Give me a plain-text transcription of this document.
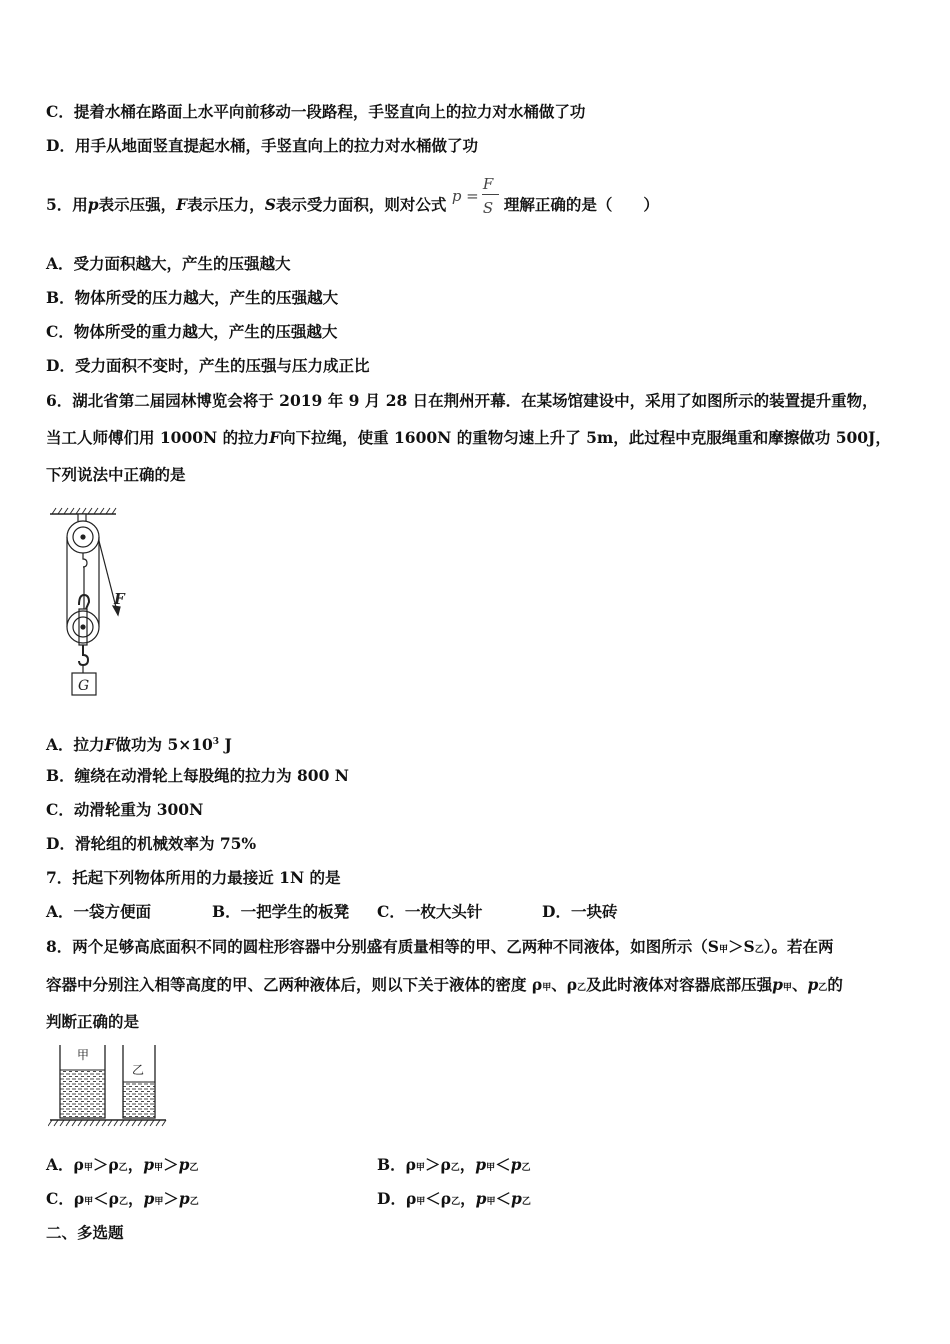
C．提着水桶在路面上水平向前移动一段路程，手竖直向上的拉力对水桶做了功
D．用手从地面竖直提起水桶，手竖直向上的拉力对水桶做了功
5．用p表示压强，F表示压力，S表示受力面积，则对公式 p =
F
S 理解正确的是（　　）
A．受力面积越大，产生的压强越大
B．物体所受的压力越大，产生的压强越大
C．物体所受的重力越大，产生的压强越大
D．受力面积不变时，产生的压强与压力成正比
6．湖北省第二届园林博览会将于 2019 年 9 月 28 日在荆州开幕．在某场馆建设中，采用了如图所示的装置提升重物，
当工人师傅们用 1000N 的拉力F向下拉绳，使重 1600N 的重物匀速上升了 5m，此过程中克服绳重和摩擦做功 500J，
下列说法中正确的是
F
G
A．拉力F做功为 $5\times 10^3$ J
B．缠绕在动滑轮上每股绳的拉力为 800 N
C．动滑轮重为 300N
D．滑轮组的机械效率为 75%
7．托起下列物体所用的力最接近 1N 的是
A．一袋方便面	B．一把学生的板凳 C．一枚大头针	D．一块砖
8．两个足够高底面积不同的圆柱形容器中分别盛有质量相等的甲、乙两种不同液体，如图所示（S甲＞S乙）。若在两
容器中分别注入相等高度的甲、乙两种液体后，则以下关于液体的密度 ρ甲、ρ乙及此时液体对容器底部压强p甲、p乙的
判断正确的是
甲
乙
A．ρ甲＞ρ乙，p甲＞p乙	B．ρ甲＞ρ乙，p甲＜p乙
C．ρ甲＜ρ乙，p甲＞p乙	D．ρ甲＜ρ乙，p甲＜p乙
二、多选题
